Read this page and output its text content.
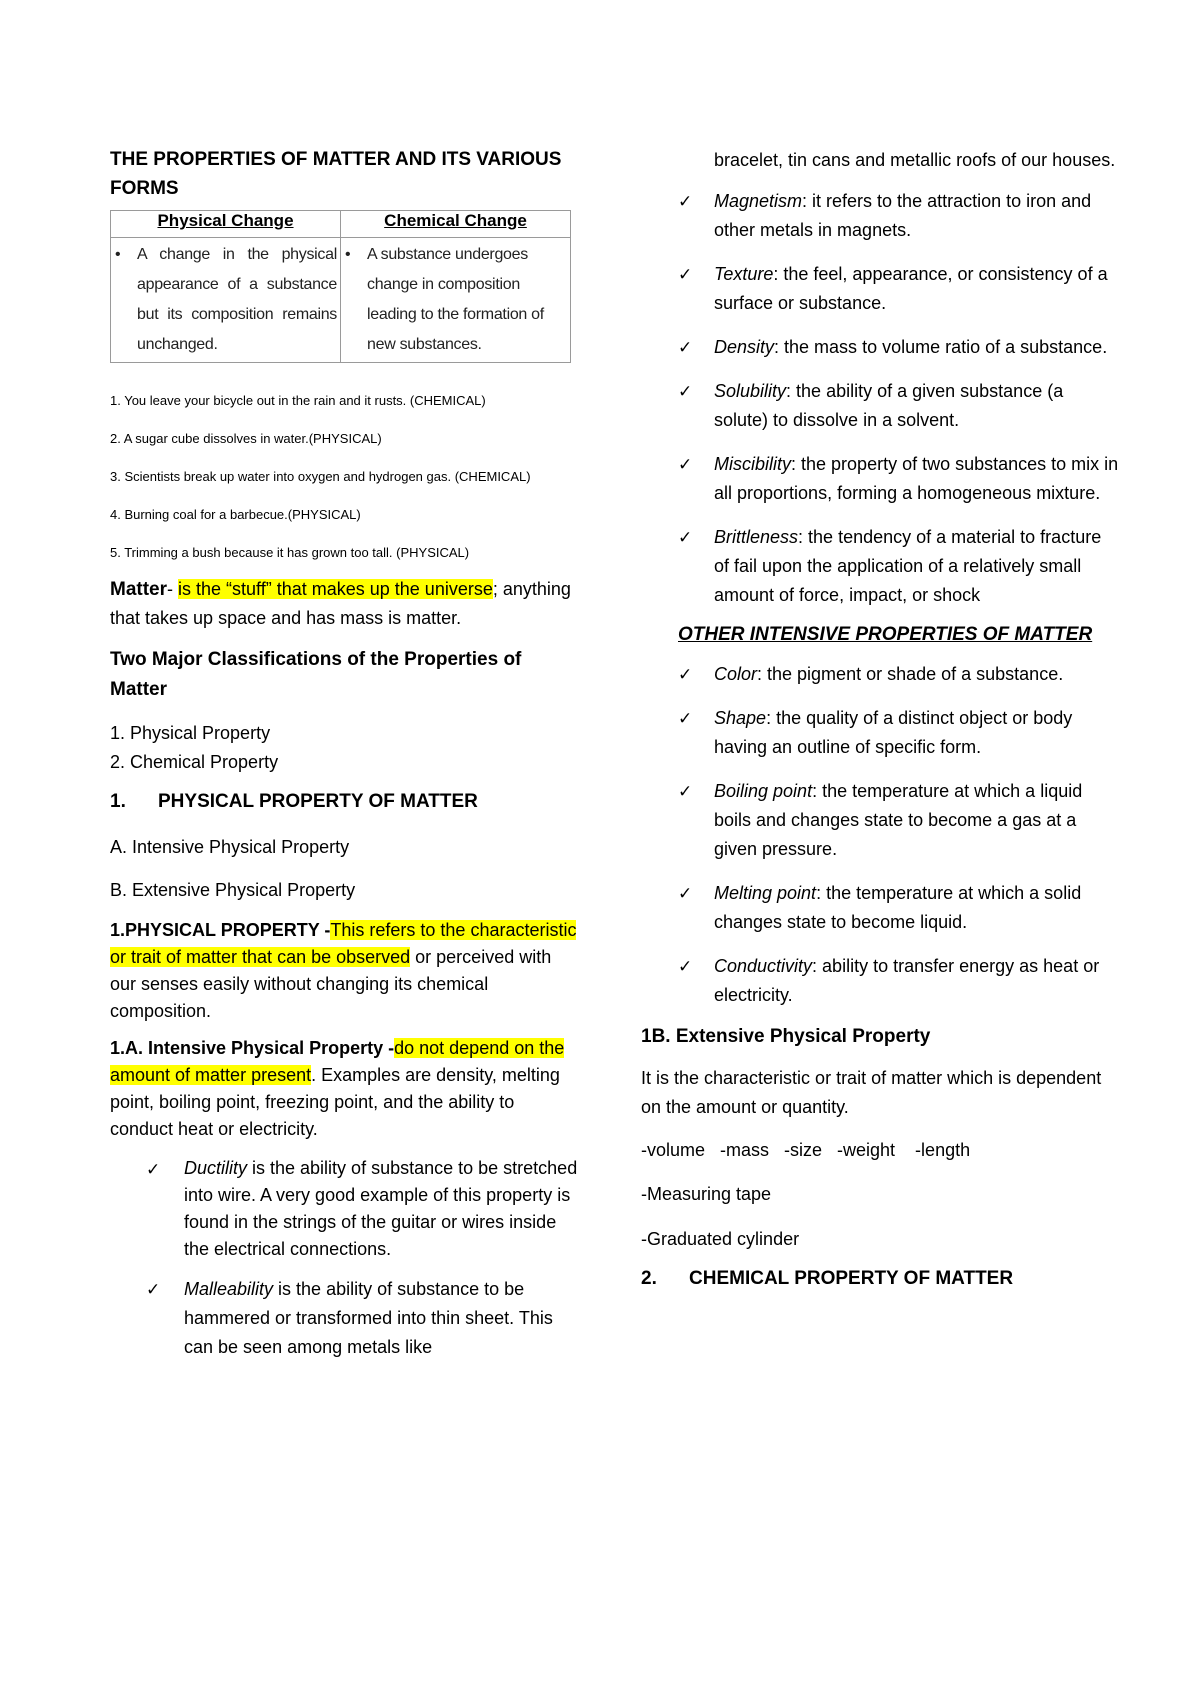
THE PROPERTIES OF MATTER AND ITS VARIOUS FORMS

Physical Change	Chemical Change

• A change in the physical appearance of a substance but its composition remains unchanged.	• A substance undergoes change in composition leading to the formation of new substances.

1. You leave your bicycle out in the rain and it rusts. (CHEMICAL)

2. A sugar cube dissolves in water.(PHYSICAL)

3. Scientists break up water into oxygen and hydrogen gas. (CHEMICAL)

4. Burning coal for a barbecue.(PHYSICAL)

5. Trimming a bush because it has grown too tall. (PHYSICAL)

Matter- is the “stuff” that makes up the universe; anything that takes up space and has mass is matter.

Two Major Classifications of the Properties of Matter

1. Physical Property

2. Chemical Property

1.	PHYSICAL PROPERTY OF MATTER

A. Intensive Physical Property

B. Extensive Physical Property

1.PHYSICAL PROPERTY -This refers to the characteristic or trait of matter that can be observed or perceived with our senses easily without changing its chemical composition.

1.A. Intensive Physical Property -do not depend on the amount of matter present. Examples are density, melting point, boiling point, freezing point, and the ability to conduct heat or electricity.

✓	Ductility is the ability of substance to be stretched into wire. A very good example of this property is found in the strings of the guitar or wires inside the electrical connections.
✓	Malleability is the ability of substance to be hammered or transformed into thin sheet. This can be seen among metals like

bracelet, tin cans and metallic roofs of our houses.

✓	Magnetism: it refers to the attraction to iron and other metals in magnets.
✓	Texture: the feel, appearance, or consistency of a surface or substance.
✓	Density: the mass to volume ratio of a substance.
✓	Solubility: the ability of a given substance (a solute) to dissolve in a solvent.
✓	Miscibility: the property of two substances to mix in all proportions, forming a homogeneous mixture.
✓	Brittleness: the tendency of a material to fracture of fail upon the application of a relatively small amount of force, impact, or shock

OTHER INTENSIVE PROPERTIES OF MATTER

✓	Color: the pigment or shade of a substance.
✓	Shape: the quality of a distinct object or body having an outline of specific form.
✓	Boiling point: the temperature at which a liquid boils and changes state to become a gas at a given pressure.
✓	Melting point: the temperature at which a solid changes state to become liquid.
✓	Conductivity: ability to transfer energy as heat or electricity.

1B. Extensive Physical Property

It is the characteristic or trait of matter which is dependent on the amount or quantity.

-volume   -mass   -size   -weight    -length

-Measuring tape

-Graduated cylinder

2.	CHEMICAL PROPERTY OF MATTER
